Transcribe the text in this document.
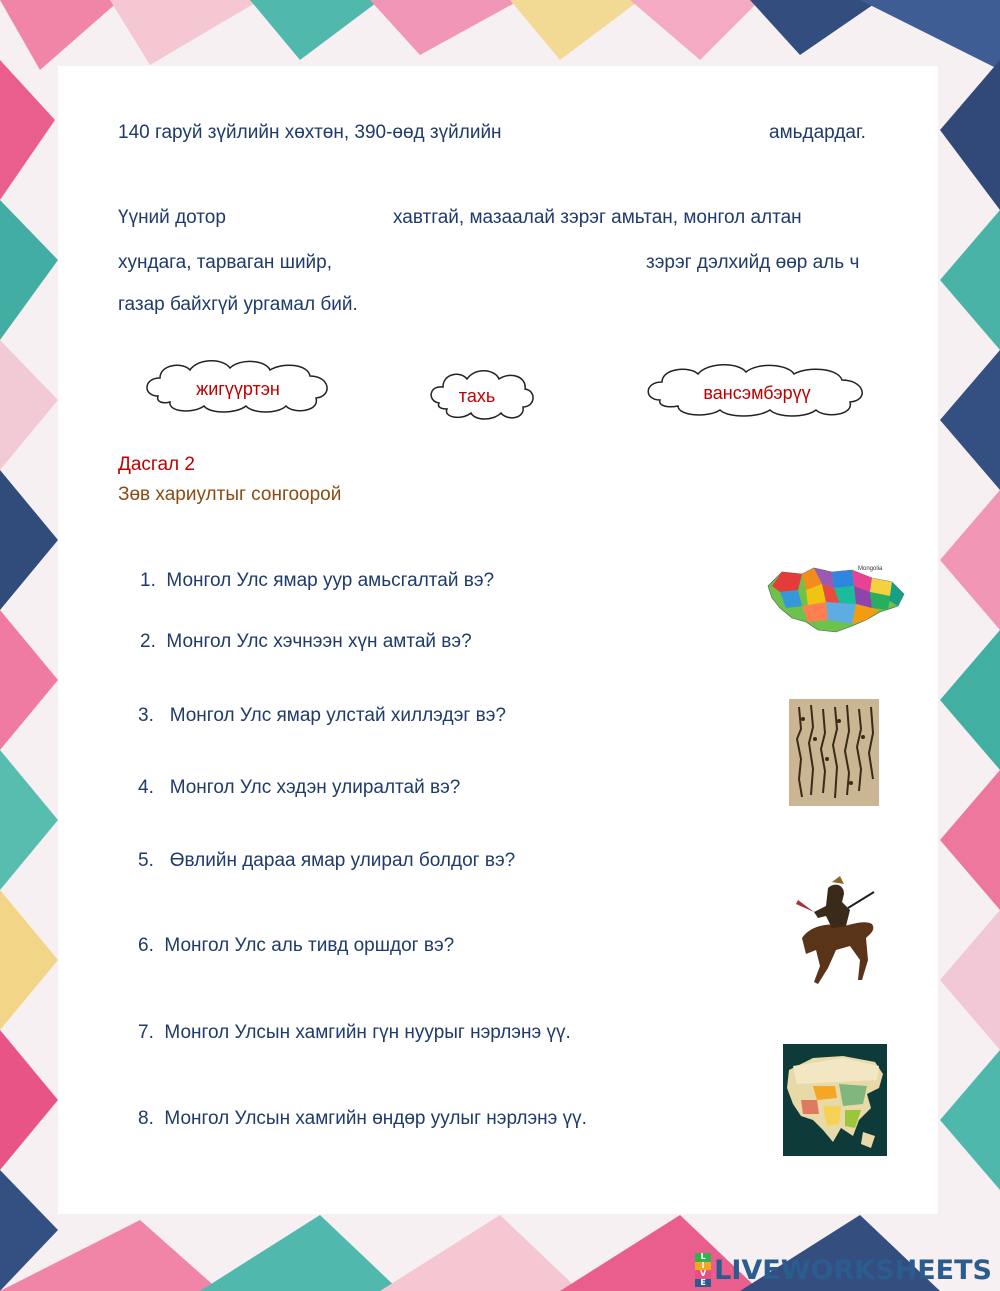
140 гаруй зүйлийн хөхтөн, 390-өөд зүйлийн	амьдардаг.
Үүний дотор	хавтгай, мазаалай зэрэг амьтан, монгол алтан
хундага, тарваган шийр,	зэрэг дэлхийд өөр аль ч
газар байхгүй ургамал бий.
жигүүртэн	тахь	вансэмбэрүү
Дасгал 2
Зөв хариултыг сонгоорой
1. Монгол Улс ямар уур амьсгалтай вэ?
2. Монгол Улс хэчнээн хүн амтай вэ?
3. Монгол Улс ямар улстай хиллэдэг вэ?
4. Монгол Улс хэдэн улиралтай вэ?
5. Өвлийн дараа ямар улирал болдог вэ?
6. Монгол Улс аль тивд оршдог вэ?
7. Монгол Улсын хамгийн гүн нуурыг нэрлэнэ үү.
8. Монгол Улсын хамгийн өндөр уулыг нэрлэнэ үү.
Mongolia
L
I
V
E LIVEWORKSHEETS
